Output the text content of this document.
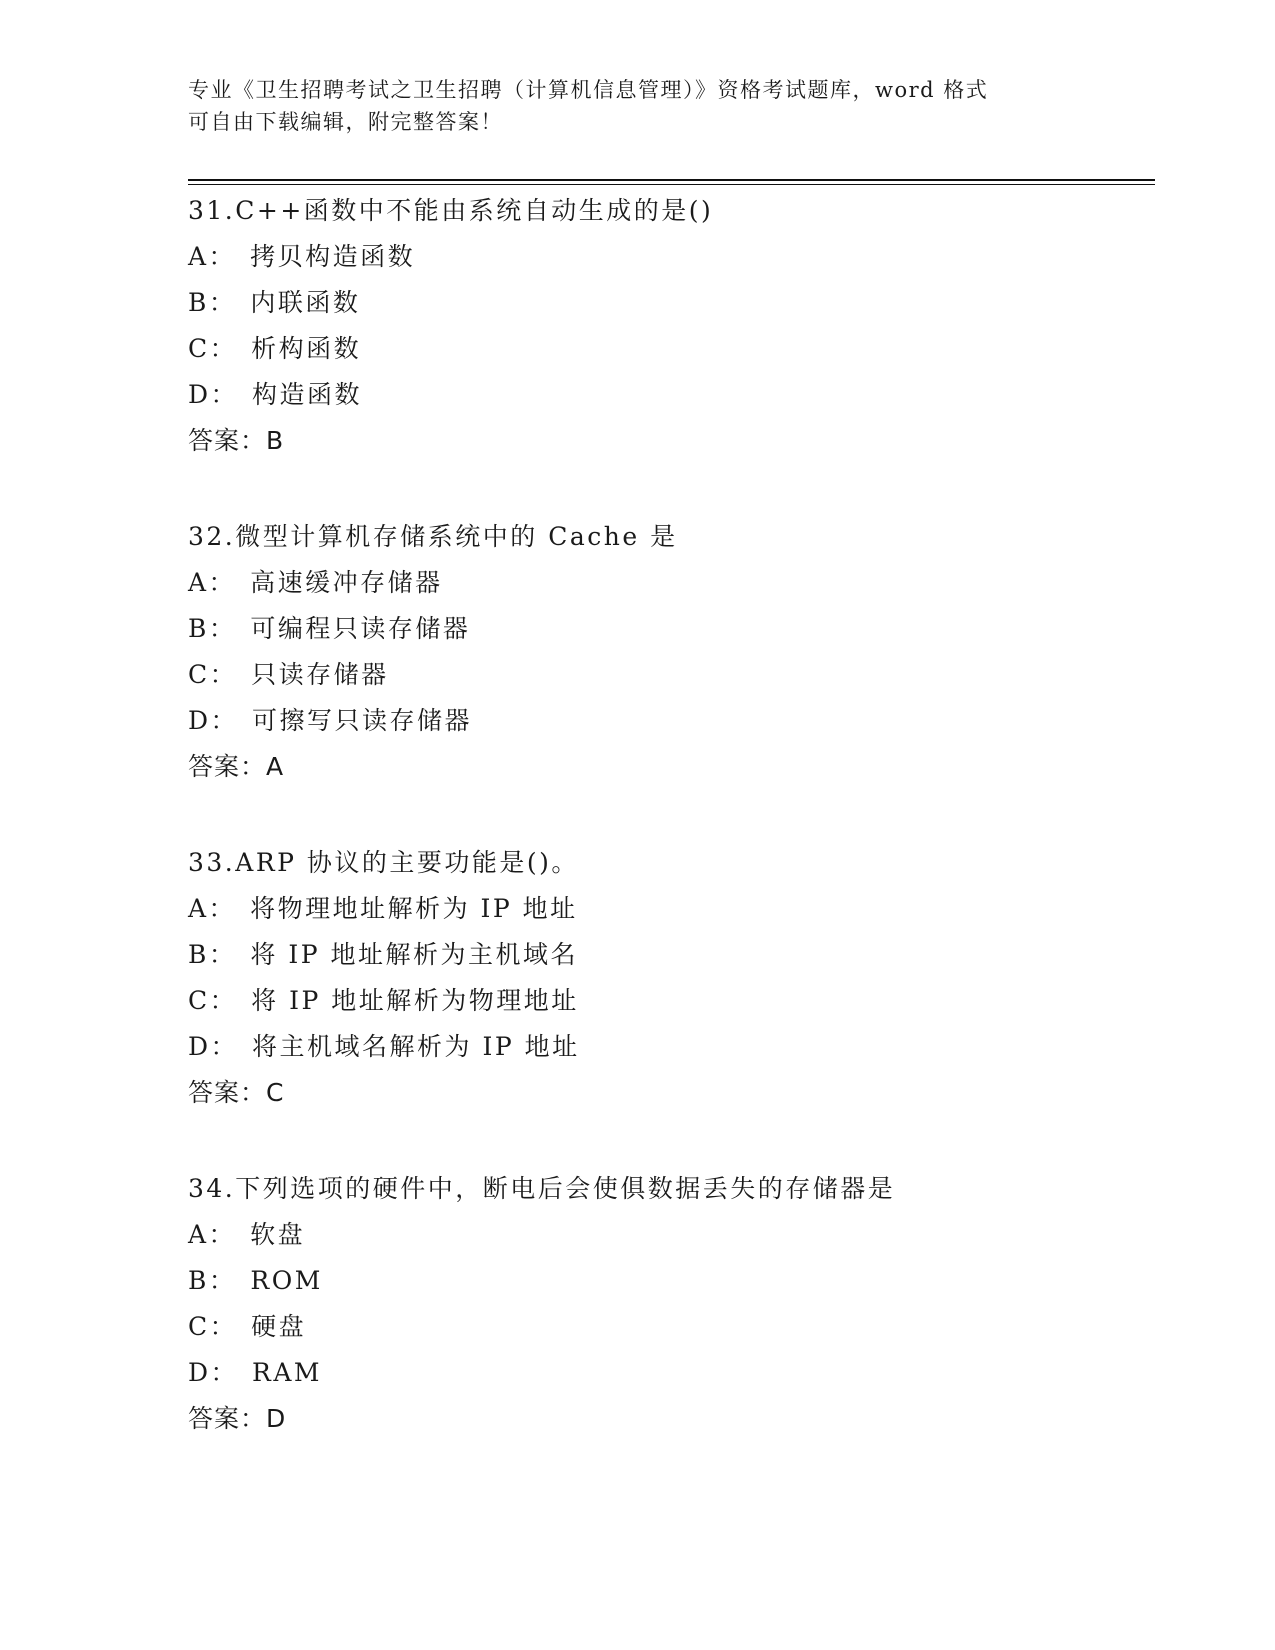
专业《卫生招聘考试之卫生招聘（计算机信息管理）》资格考试题库，word 格式
可自由下载编辑，附完整答案！
31.C++函数中不能由系统自动生成的是()
A： 拷贝构造函数
B： 内联函数
C： 析构函数
D： 构造函数
答案：B
32.微型计算机存储系统中的 Cache 是
A： 高速缓冲存储器
B： 可编程只读存储器
C： 只读存储器
D： 可擦写只读存储器
答案：A
33.ARP 协议的主要功能是()。
A： 将物理地址解析为 IP 地址
B： 将 IP 地址解析为主机域名
C： 将 IP 地址解析为物理地址
D： 将主机域名解析为 IP 地址
答案：C
34.下列选项的硬件中，断电后会使俱数据丢失的存储器是
A： 软盘
B： ROM
C： 硬盘
D： RAM
答案：D
